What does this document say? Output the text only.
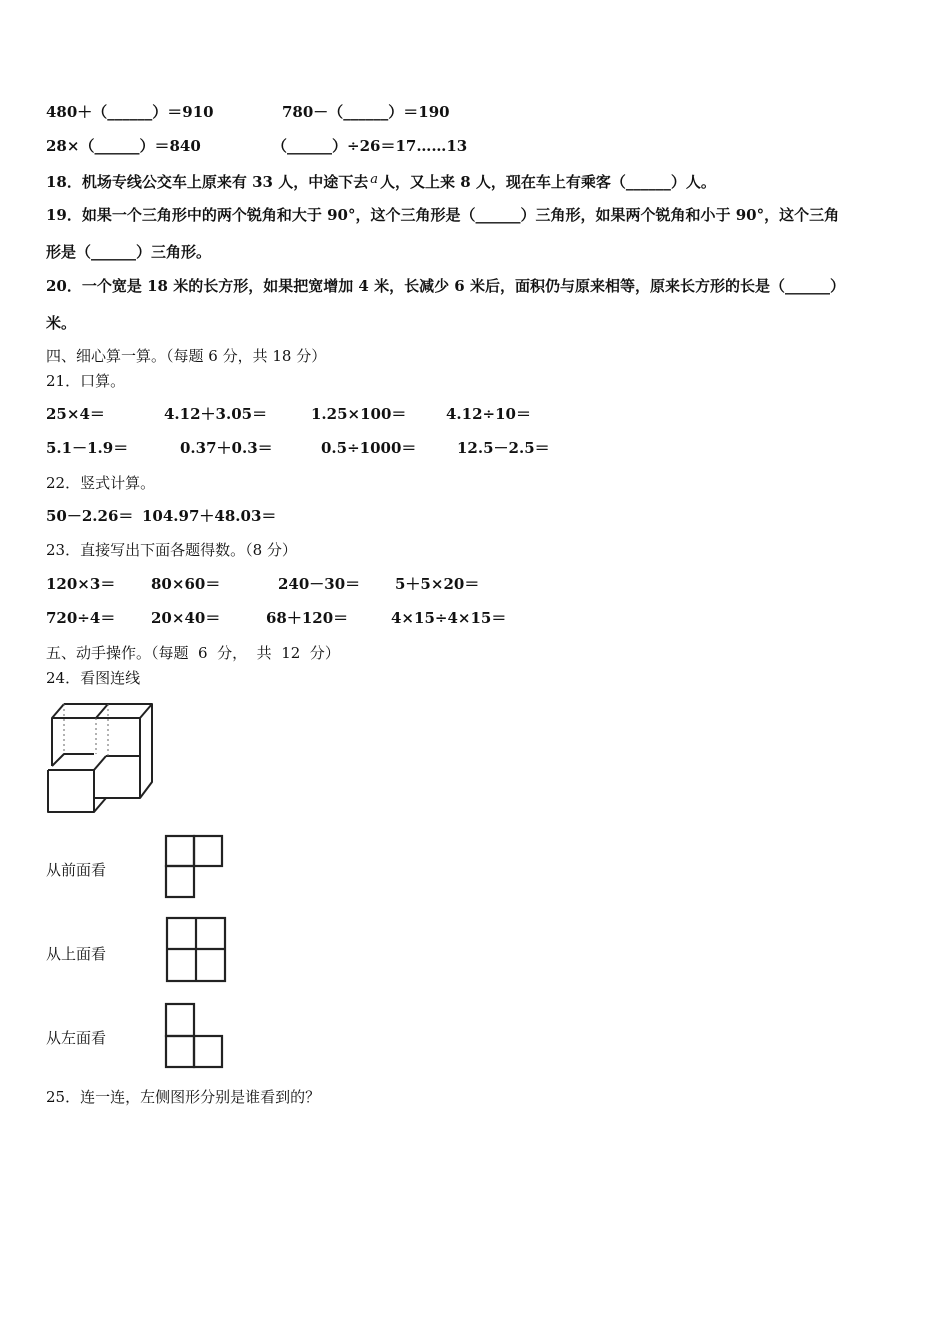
480＋（______）＝910	780－（______）＝190
28×（______）＝840	（______）÷26＝17……13
18．机场专线公交车上原来有 33 人，中途下去 a 人，又上来 8 人，现在车上有乘客（______）人。
19．如果一个三角形中的两个锐角和大于 90°，这个三角形是（______）三角形，如果两个锐角和小于 90°，这个三角
形是（______）三角形。
20．一个宽是 18 米的长方形，如果把宽增加 4 米，长减少 6 米后，面积仍与原来相等，原来长方形的长是（______）
米。
四、细心算一算。（每题 6 分，共 18 分）
21．口算。
25×4＝	4.12＋3.05＝	1.25×100＝	4.12÷10＝
5.1－1.9＝	0.37＋0.3＝	0.5÷1000＝	12.5－2.5＝
22．竖式计算。
50－2.26＝ 104.97＋48.03＝
23．直接写出下面各题得数。（8 分）
120×3＝ 80×60＝	240－30＝ 5＋5×20＝
720÷4＝ 20×40＝	68＋120＝	4×15÷4×15＝
五、动手操作。（每题  6  分，  共  12  分）
24．看图连线
从前面看
从上面看
从左面看
25．连一连，左侧图形分别是谁看到的？
